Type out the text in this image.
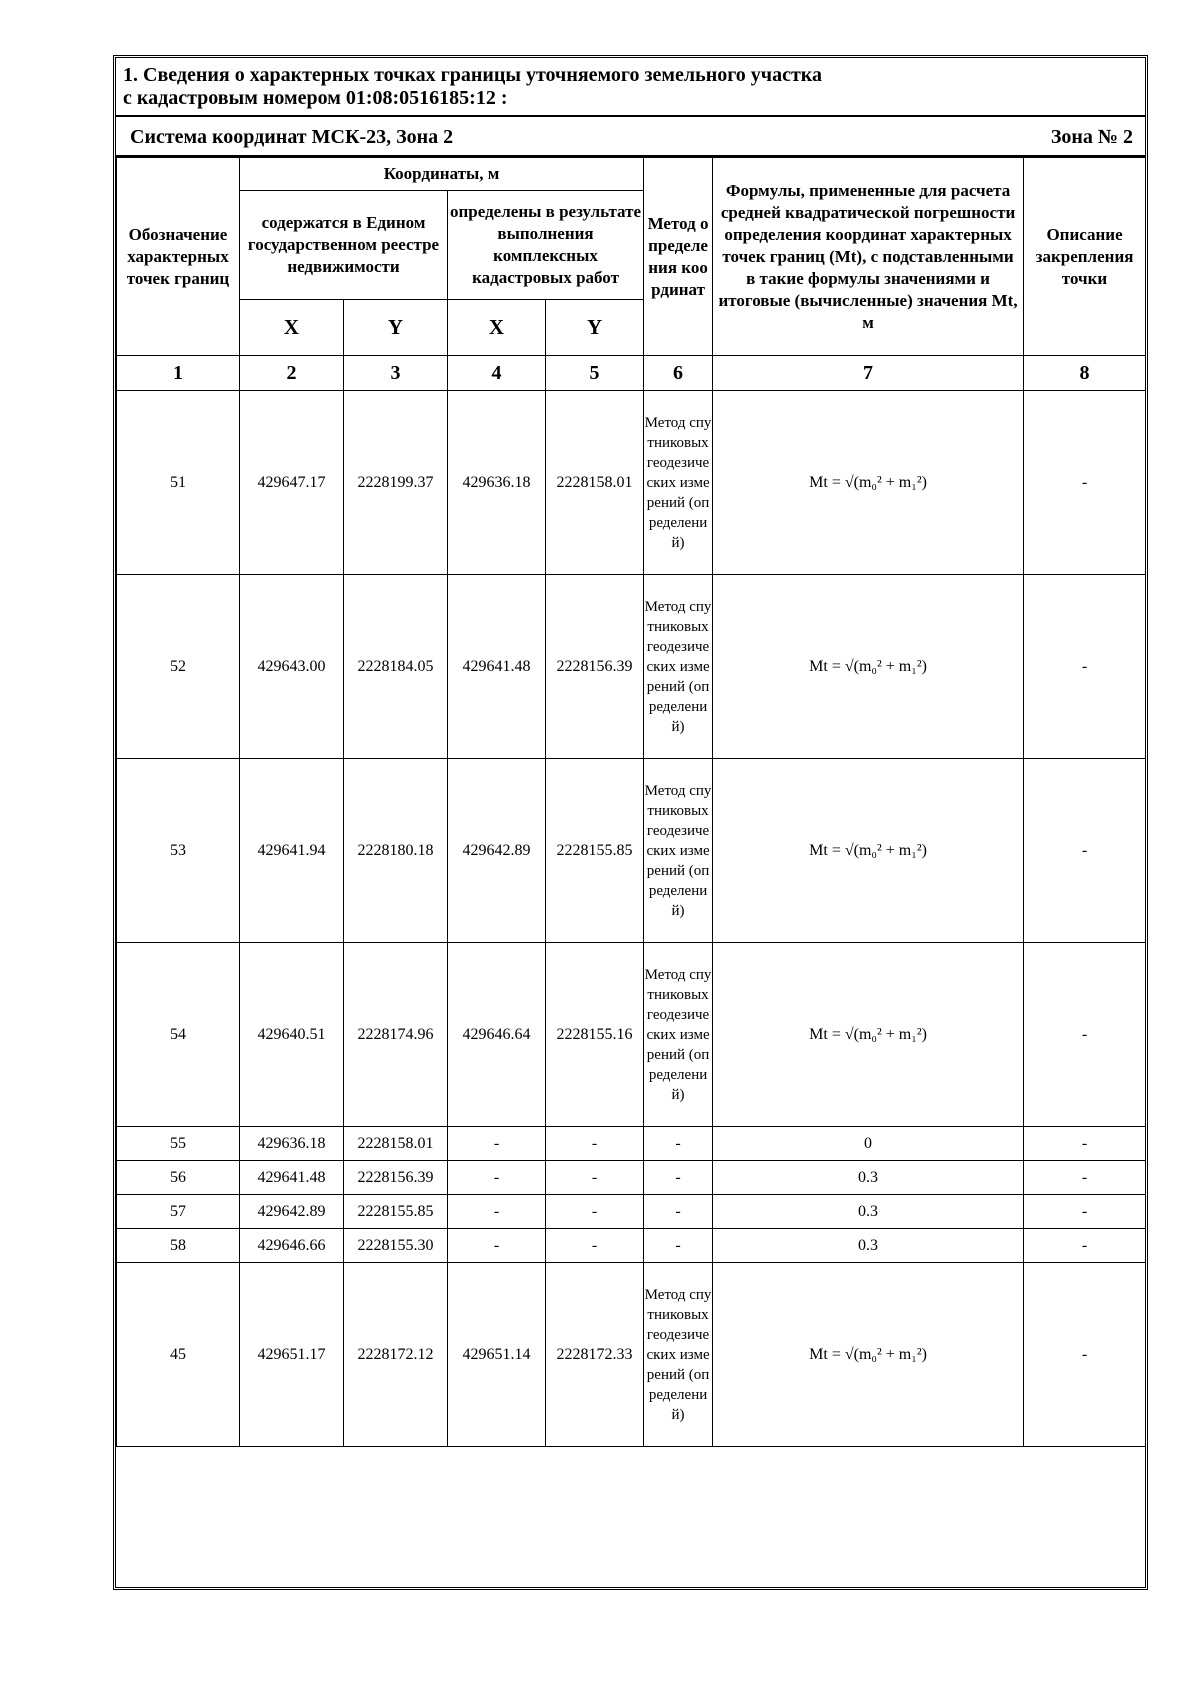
1. Сведения о характерных точках границы уточняемого земельного участка
с кадастровым номером 01:08:0516185:12 :
Система координат МСК-23, Зона 2	Зона № 2
Обозначение характерных точек границ	Координаты, м				Метод определения координат	Формулы, примененные для расчета средней квадратической погрешности определения координат характерных точек границ (Mt), с подставленными в такие формулы значениями и итоговые (вычисленные) значения Mt, м	Описание закрепления точки
	содержатся в Едином государственном реестре недвижимости		определены в результате выполнения комплексных кадастровых работ				
	X	Y	X	Y			
1	2	3	4	5	6	7	8
51	429647.17	2228199.37	429636.18	2228158.01	Метод спутниковых геодезических измерений (определений)	Mt = √(m₀² + m₁²)	-
52	429643.00	2228184.05	429641.48	2228156.39	Метод спутниковых геодезических измерений (определений)	Mt = √(m₀² + m₁²)	-
53	429641.94	2228180.18	429642.89	2228155.85	Метод спутниковых геодезических измерений (определений)	Mt = √(m₀² + m₁²)	-
54	429640.51	2228174.96	429646.64	2228155.16	Метод спутниковых геодезических измерений (определений)	Mt = √(m₀² + m₁²)	-
55	429636.18	2228158.01	-	-	-	0	-
56	429641.48	2228156.39	-	-	-	0.3	-
57	429642.89	2228155.85	-	-	-	0.3	-
58	429646.66	2228155.30	-	-	-	0.3	-
45	429651.17	2228172.12	429651.14	2228172.33	Метод спутниковых геодезических измерений (определений)	Mt = √(m₀² + m₁²)	-
